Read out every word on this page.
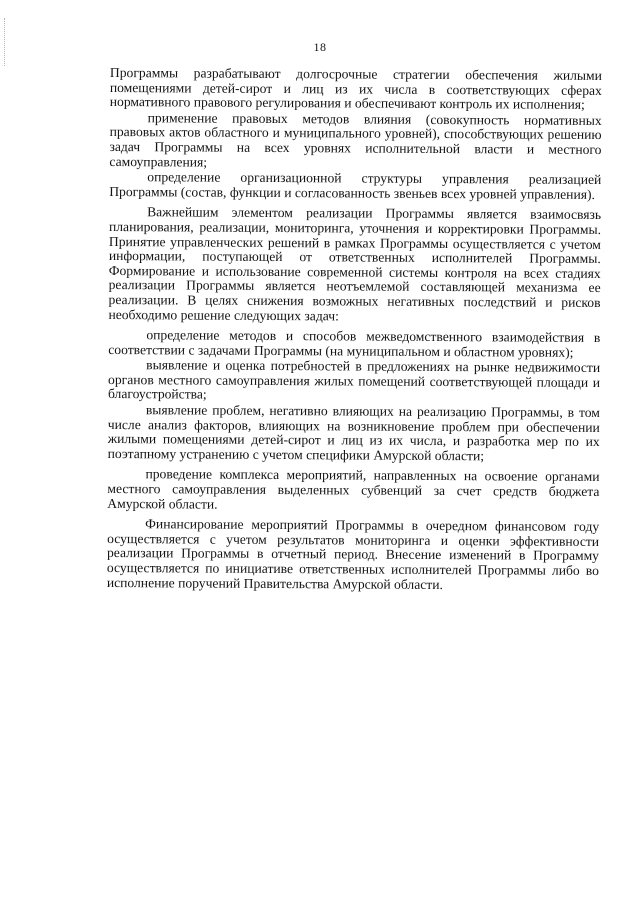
18

Программы разрабатывают долгосрочные стратегии обеспечения жилыми помещениями детей-сирот и лиц из их числа в соответствующих сферах нормативного правового регулирования и обеспечивают контроль их исполнения;

применение правовых методов влияния (совокупность нормативных правовых актов областного и муниципального уровней), способствующих решению задач Программы на всех уровнях исполнительной власти и местного самоуправления;

определение организационной структуры управления реализацией Программы (состав, функции и согласованность звеньев всех уровней управления).

Важнейшим элементом реализации Программы является взаимосвязь планирования, реализации, мониторинга, уточнения и корректировки Программы. Принятие управленческих решений в рамках Программы осуществляется с учетом информации, поступающей от ответственных исполнителей Программы. Формирование и использование современной системы контроля на всех стадиях реализации Программы является неотъемлемой составляющей механизма ее реализации. В целях снижения возможных негативных последствий и рисков необходимо решение следующих задач:

определение методов и способов межведомственного взаимодействия в соответствии с задачами Программы (на муниципальном и областном уровнях);

выявление и оценка потребностей в предложениях на рынке недвижимости органов местного самоуправления жилых помещений соответствующей площади и благоустройства;

выявление проблем, негативно влияющих на реализацию Программы, в том числе анализ факторов, влияющих на возникновение проблем при обеспечении жилыми помещениями детей-сирот и лиц из их числа, и разработка мер по их поэтапному устранению с учетом специфики Амурской области;

проведение комплекса мероприятий, направленных на освоение органами местного самоуправления выделенных субвенций за счет средств бюджета Амурской области.

Финансирование мероприятий Программы в очередном финансовом году осуществляется с учетом результатов мониторинга и оценки эффективности реализации Программы в отчетный период. Внесение изменений в Программу осуществляется по инициативе ответственных исполнителей Программы либо во исполнение поручений Правительства Амурской области.
